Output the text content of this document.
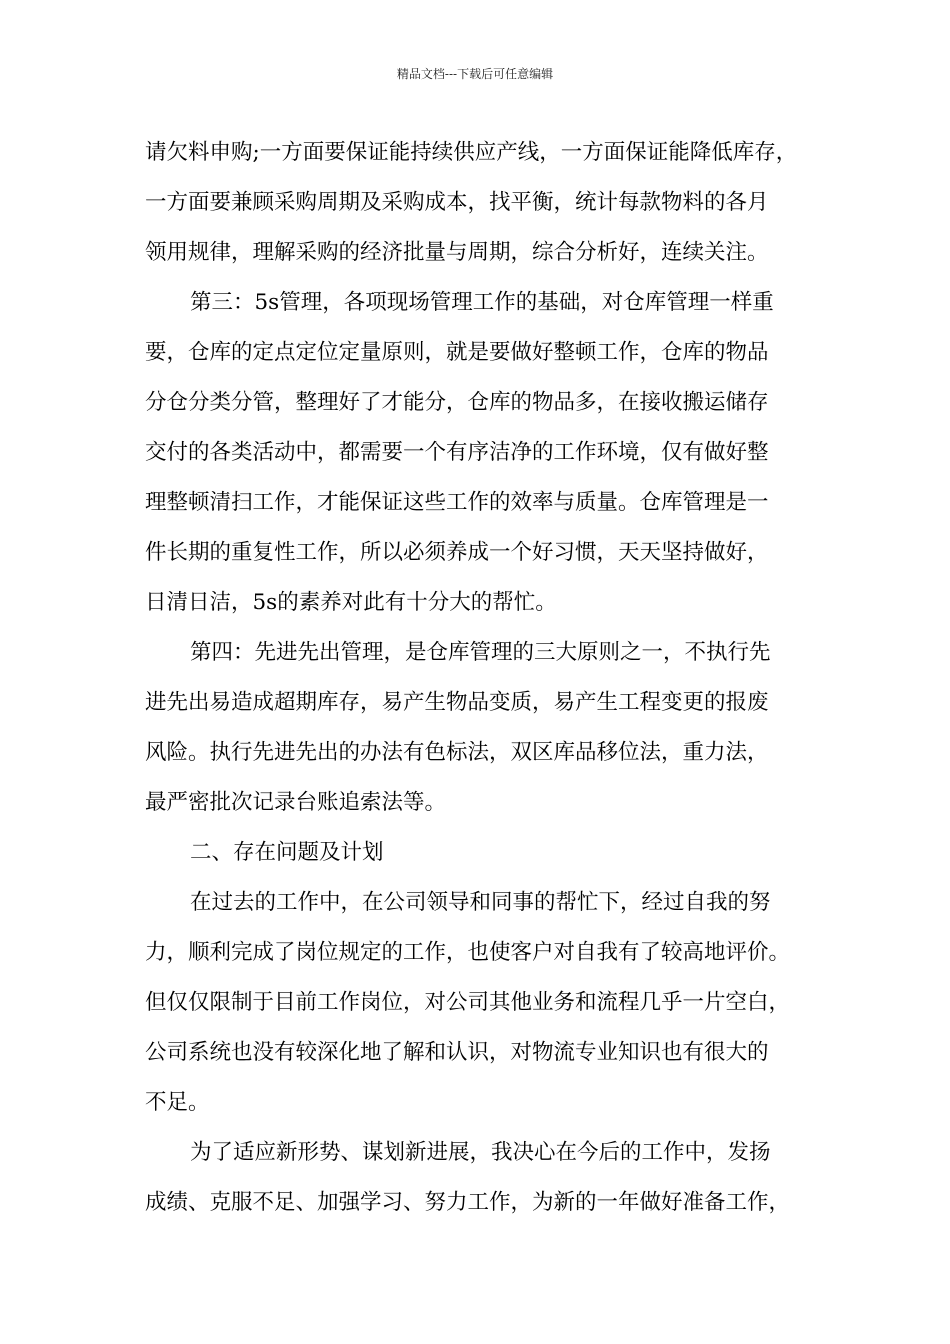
精品文档---下载后可任意编辑
请欠料申购;一方面要保证能持续供应产线，一方面保证能降低库存，
一方面要兼顾采购周期及采购成本，找平衡，统计每款物料的各月
领用规律，理解采购的经济批量与周期，综合分析好，连续关注。
第三：5s管理，各项现场管理工作的基础，对仓库管理一样重
要，仓库的定点定位定量原则，就是要做好整顿工作，仓库的物品
分仓分类分管，整理好了才能分，仓库的物品多，在接收搬运储存
交付的各类活动中，都需要一个有序洁净的工作环境，仅有做好整
理整顿清扫工作，才能保证这些工作的效率与质量。仓库管理是一
件长期的重复性工作，所以必须养成一个好习惯，天天坚持做好，
日清日洁，5s的素养对此有十分大的帮忙。
第四：先进先出管理，是仓库管理的三大原则之一，不执行先
进先出易造成超期库存，易产生物品变质，易产生工程变更的报废
风险。执行先进先出的办法有色标法，双区库品移位法，重力法，
最严密批次记录台账追索法等。
二、存在问题及计划
在过去的工作中，在公司领导和同事的帮忙下，经过自我的努
力，顺利完成了岗位规定的工作，也使客户对自我有了较高地评价。
但仅仅限制于目前工作岗位，对公司其他业务和流程几乎一片空白，
公司系统也没有较深化地了解和认识，对物流专业知识也有很大的
不足。
为了适应新形势、谋划新进展，我决心在今后的工作中，发扬
成绩、克服不足、加强学习、努力工作，为新的一年做好准备工作，
